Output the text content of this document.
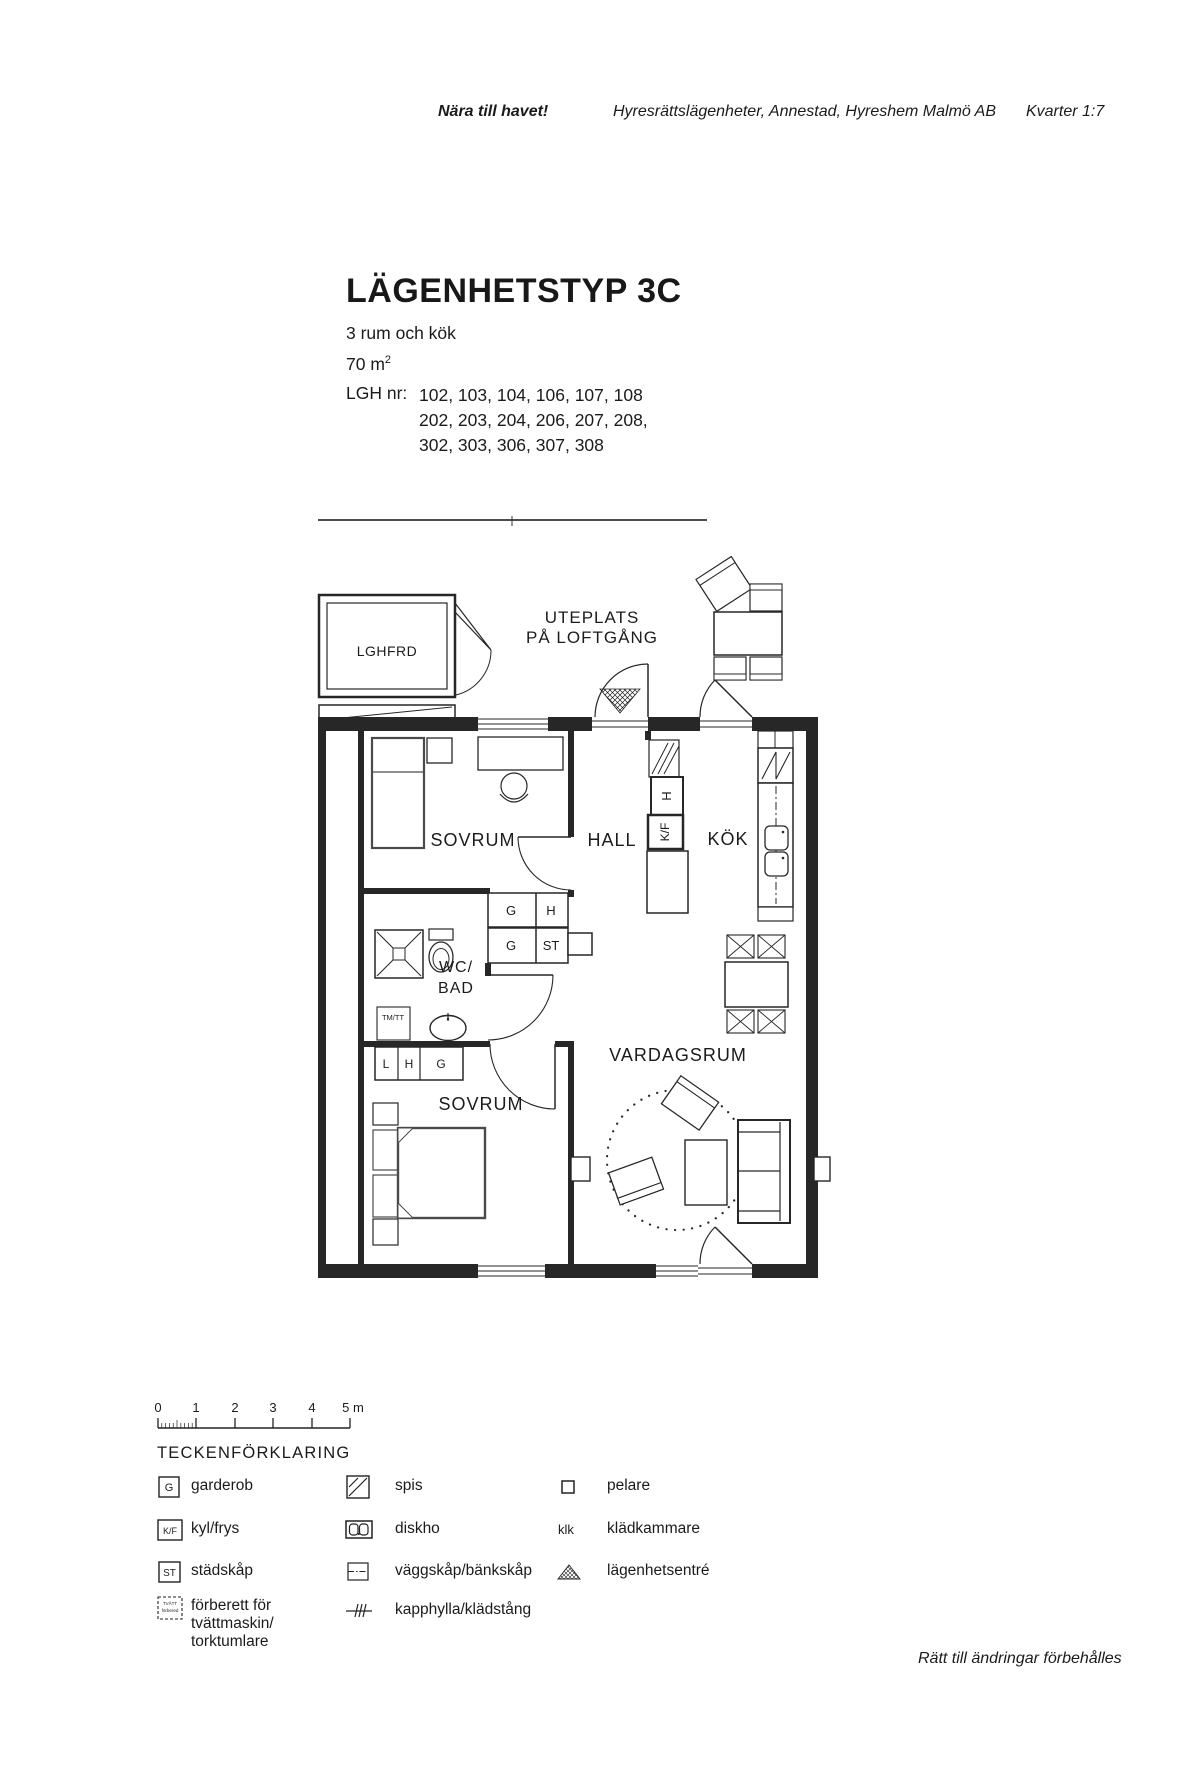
Nära till havet!	Hyresrättslägenheter, Annestad, Hyreshem Malmö AB Kvarter 1:7
LÄGENHETSTYP 3C
3 rum och kök
70 $m^2$
LGH nr: 102, 103, 104, 106, 107, 108
202, 203, 204, 206, 207, 208,
302, 303, 306, 307, 308
LGHFRD
UTEPLATS
PÅ LOFTGÅNG
SOVRUM	HALL	KÖK
WC/
BAD
SOVRUM
VARDAGSRUM
G H
G ST
L H G
H
K/F
TM/TT
0 1 2 3 4 5 m
TECKENFÖRKLARING
G garderob
K/F kyl/frys
ST städskåp
TVÄTT
förbered förberett för
tvättmaskin/
torktumlare
spis
diskho
väggskåp/bänkskåp
kapphylla/klädstång
pelare
klk klädkammare
lägenhetsentré
Rätt till ändringar förbehålles
